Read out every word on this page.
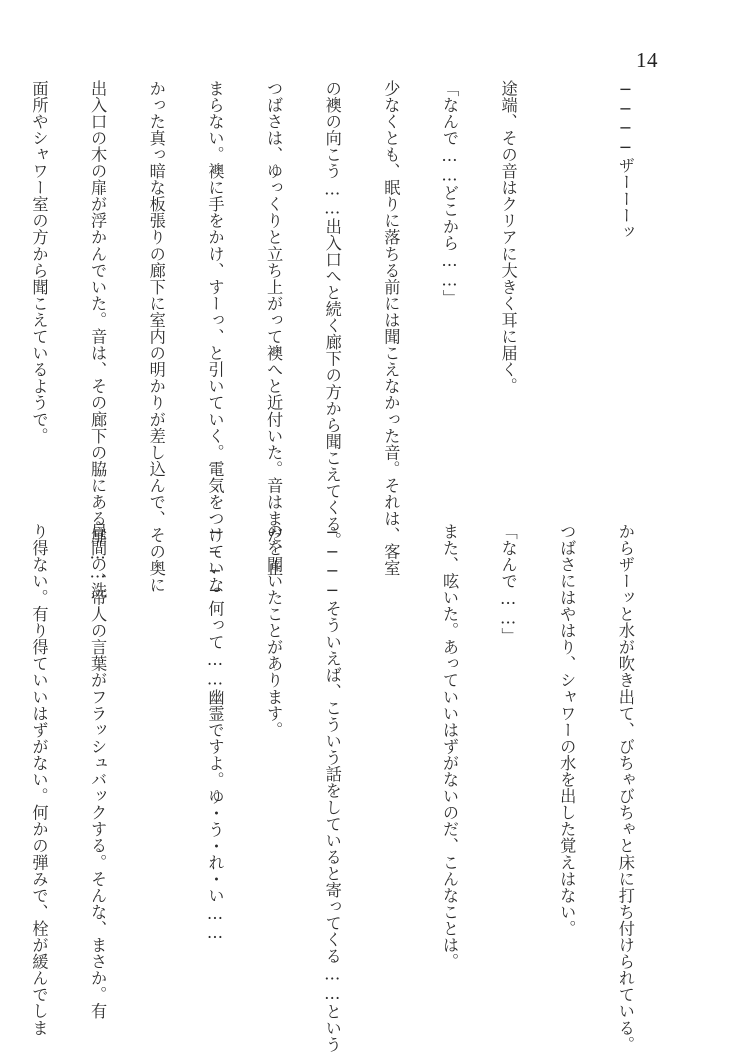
14

────ザーーーッ

途端、その音はクリアに大きく耳に届く。

「なんで……どこから……」

少なくとも、眠りに落ちる前には聞こえなかった音。それは、客室

の襖の向こう……出入口へと続く廊下の方から聞こえてくる。

つばさは、ゆっくりと立ち上がって襖へと近付いた。音はまだ、止

まらない。襖に手をかけ、すーっ、と引いていく。電気をつけていな

かった真っ暗な板張りの廊下に室内の明かりが差し込んで、その奥に

出入口の木の扉が浮かんでいた。音は、その廊下の脇にある扉……洗

面所やシャワー室の方から聞こえているようで。

からザーッと水が吹き出て、びちゃびちゃと床に打ち付けられている。

つばさにはやはり、シャワーの水を出した覚えはない。

「なんで……」

また、呟いた。あっていいはずがないのだ、こんなことは。

────そういえば、こういう話をしていると寄ってくる……という

のを聞いたことがあります。

────何って……幽霊ですよ。ゆ・う・れ・い……

昼間の、帝人の言葉がフラッシュバックする。そんな、まさか。有

り得ない。有り得ていいはずがない。何かの弾みで、栓が緩んでしま
